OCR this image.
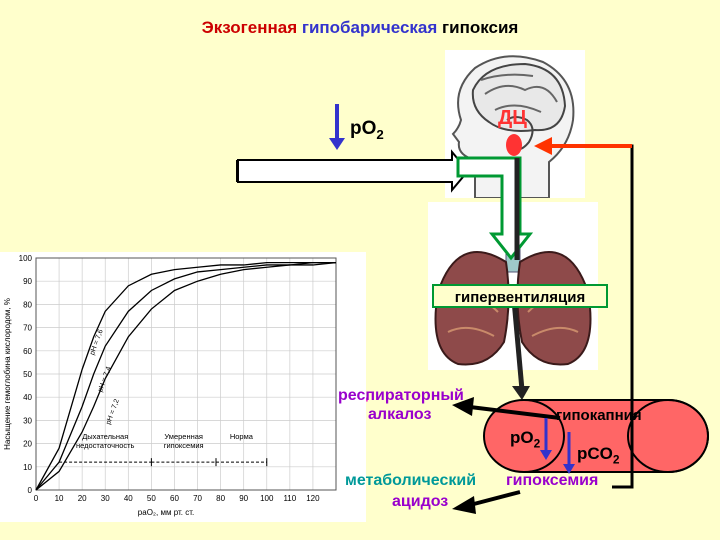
Экзогенная гипобарическая гипоксия
0
10
20
30
40
50
60
70
80
90
100
0 10 20 30 40 50 60 70 80 90 100 110 120
pH = 7,6
pH = 7,4
pH = 7,2
Дыхательная
недостаточность
Умеренная
гипоксемия
Норма
paO₂, мм рт. ст.
Насыщение гемоглобина кислородом, %
$pO_2$
ДЦ
гипервентиляция
респираторный
алкалоз	гипокапния
$pO_2$
pCO$_2$
метаболический
ацидоз
гипоксемия
